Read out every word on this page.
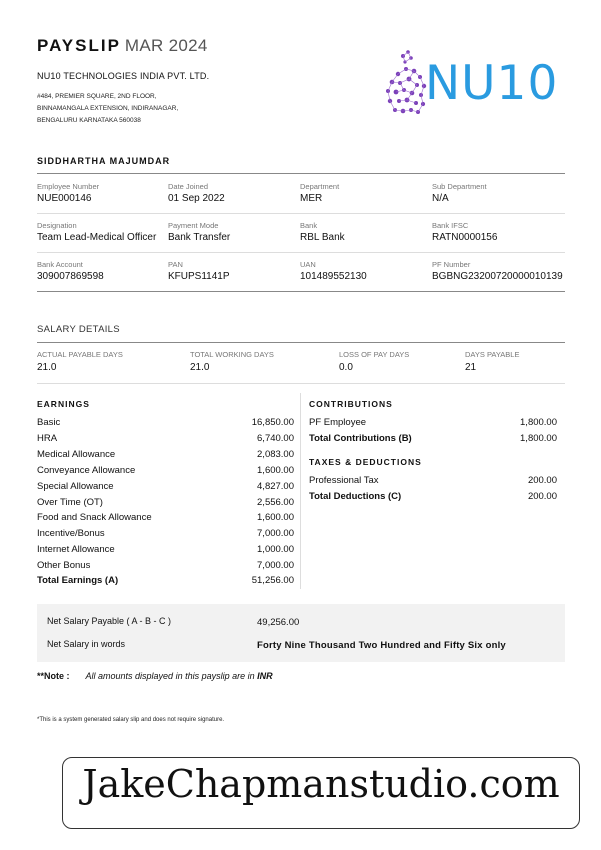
PAYSLIP MAR 2024
NU10 TECHNOLOGIES INDIA PVT. LTD.
#484, PREMIER SQUARE, 2ND FLOOR,
BINNAMANGALA EXTENSION, INDIRANAGAR,
BENGALURU KARNATAKA 560038
NU10
SIDDHARTHA MAJUMDAR
Employee Number
NUE000146
Date Joined
01 Sep 2022
Department
MER
Sub Department
N/A
Designation
Team Lead-Medical Officer
Payment Mode
Bank Transfer
Bank
RBL Bank
Bank IFSC
RATN0000156
Bank Account
309007869598
PAN
KFUPS1141P
UAN
101489552130
PF Number
BGBNG23200720000010139
SALARY DETAILS
ACTUAL PAYABLE DAYS
21.0
TOTAL WORKING DAYS
21.0
LOSS OF PAY DAYS
0.0
DAYS PAYABLE
21
EARNINGS
Basic	16,850.00
HRA	6,740.00
Medical Allowance	2,083.00
Conveyance Allowance	1,600.00
Special Allowance	4,827.00
Over Time (OT)	2,556.00
Food and Snack Allowance	1,600.00
Incentive/Bonus	7,000.00
Internet Allowance	1,000.00
Other Bonus	7,000.00
Total Earnings (A)	51,256.00
CONTRIBUTIONS
PF Employee	1,800.00
Total Contributions (B)	1,800.00
TAXES & DEDUCTIONS
Professional Tax	200.00
Total Deductions (C)	200.00
Net Salary Payable ( A - B - C )	49,256.00
Net Salary in words	Forty Nine Thousand Two Hundred and Fifty Six only
**Note : All amounts displayed in this payslip are in INR
*This is a system generated salary slip and does not require signature.
JakeChapmanstudio.com
